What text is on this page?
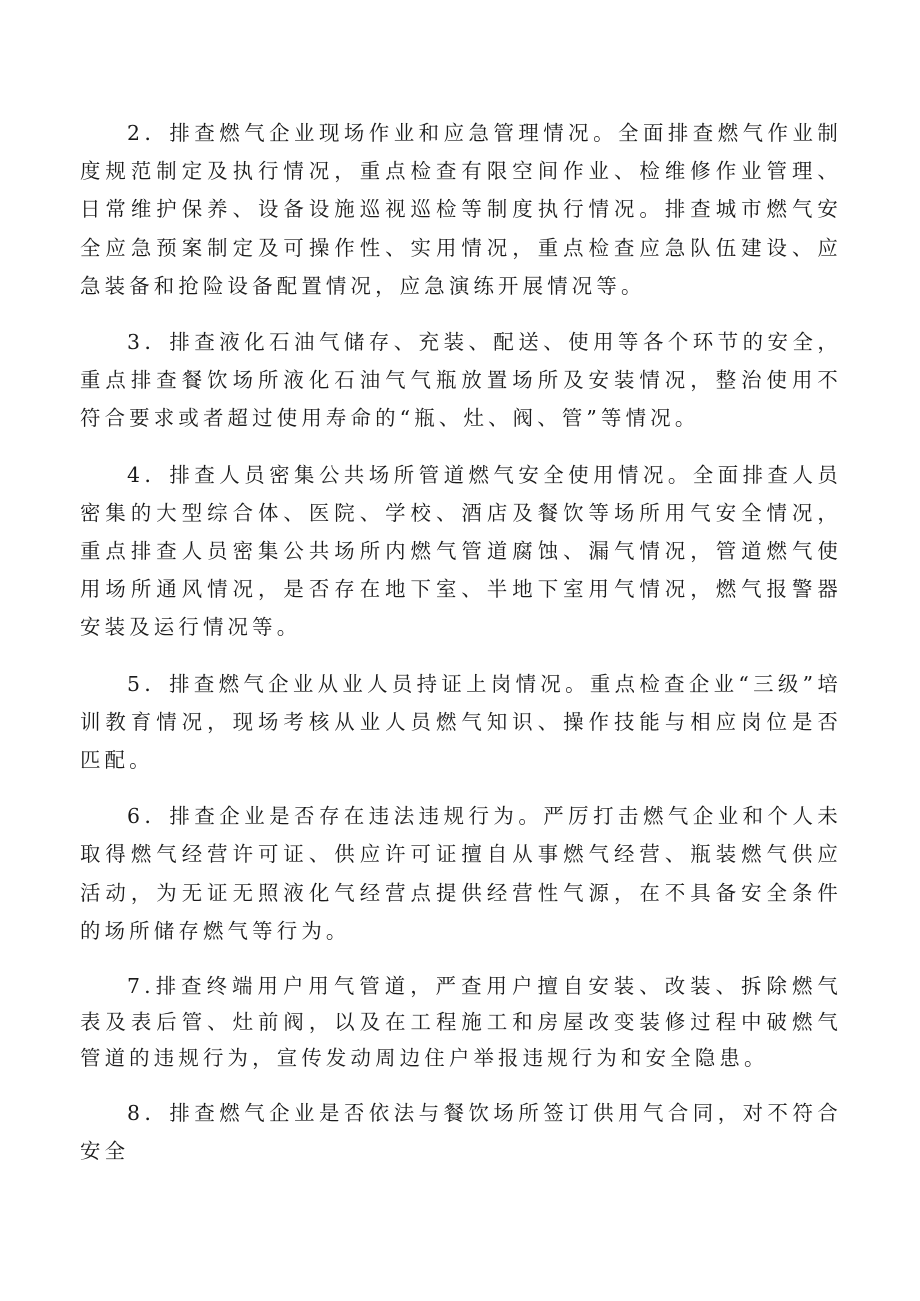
2．排查燃气企业现场作业和应急管理情况。全面排查燃气作业制度规范制定及执行情况，重点检查有限空间作业、检维修作业管理、日常维护保养、设备设施巡视巡检等制度执行情况。排查城市燃气安全应急预案制定及可操作性、实用情况，重点检查应急队伍建设、应急装备和抢险设备配置情况，应急演练开展情况等。

3．排查液化石油气储存、充装、配送、使用等各个环节的安全，重点排查餐饮场所液化石油气气瓶放置场所及安装情况，整治使用不符合要求或者超过使用寿命的“瓶、灶、阀、管”等情况。

4．排查人员密集公共场所管道燃气安全使用情况。全面排查人员密集的大型综合体、医院、学校、酒店及餐饮等场所用气安全情况，重点排查人员密集公共场所内燃气管道腐蚀、漏气情况，管道燃气使用场所通风情况，是否存在地下室、半地下室用气情况，燃气报警器安装及运行情况等。

5．排查燃气企业从业人员持证上岗情况。重点检查企业“三级”培训教育情况，现场考核从业人员燃气知识、操作技能与相应岗位是否匹配。

6．排查企业是否存在违法违规行为。严厉打击燃气企业和个人未取得燃气经营许可证、供应许可证擅自从事燃气经营、瓶装燃气供应活动，为无证无照液化气经营点提供经营性气源，在不具备安全条件的场所储存燃气等行为。

7.排查终端用户用气管道，严查用户擅自安装、改装、拆除燃气表及表后管、灶前阀，以及在工程施工和房屋改变装修过程中破燃气管道的违规行为，宣传发动周边住户举报违规行为和安全隐患。

8．排查燃气企业是否依法与餐饮场所签订供用气合同，对不符合安全
